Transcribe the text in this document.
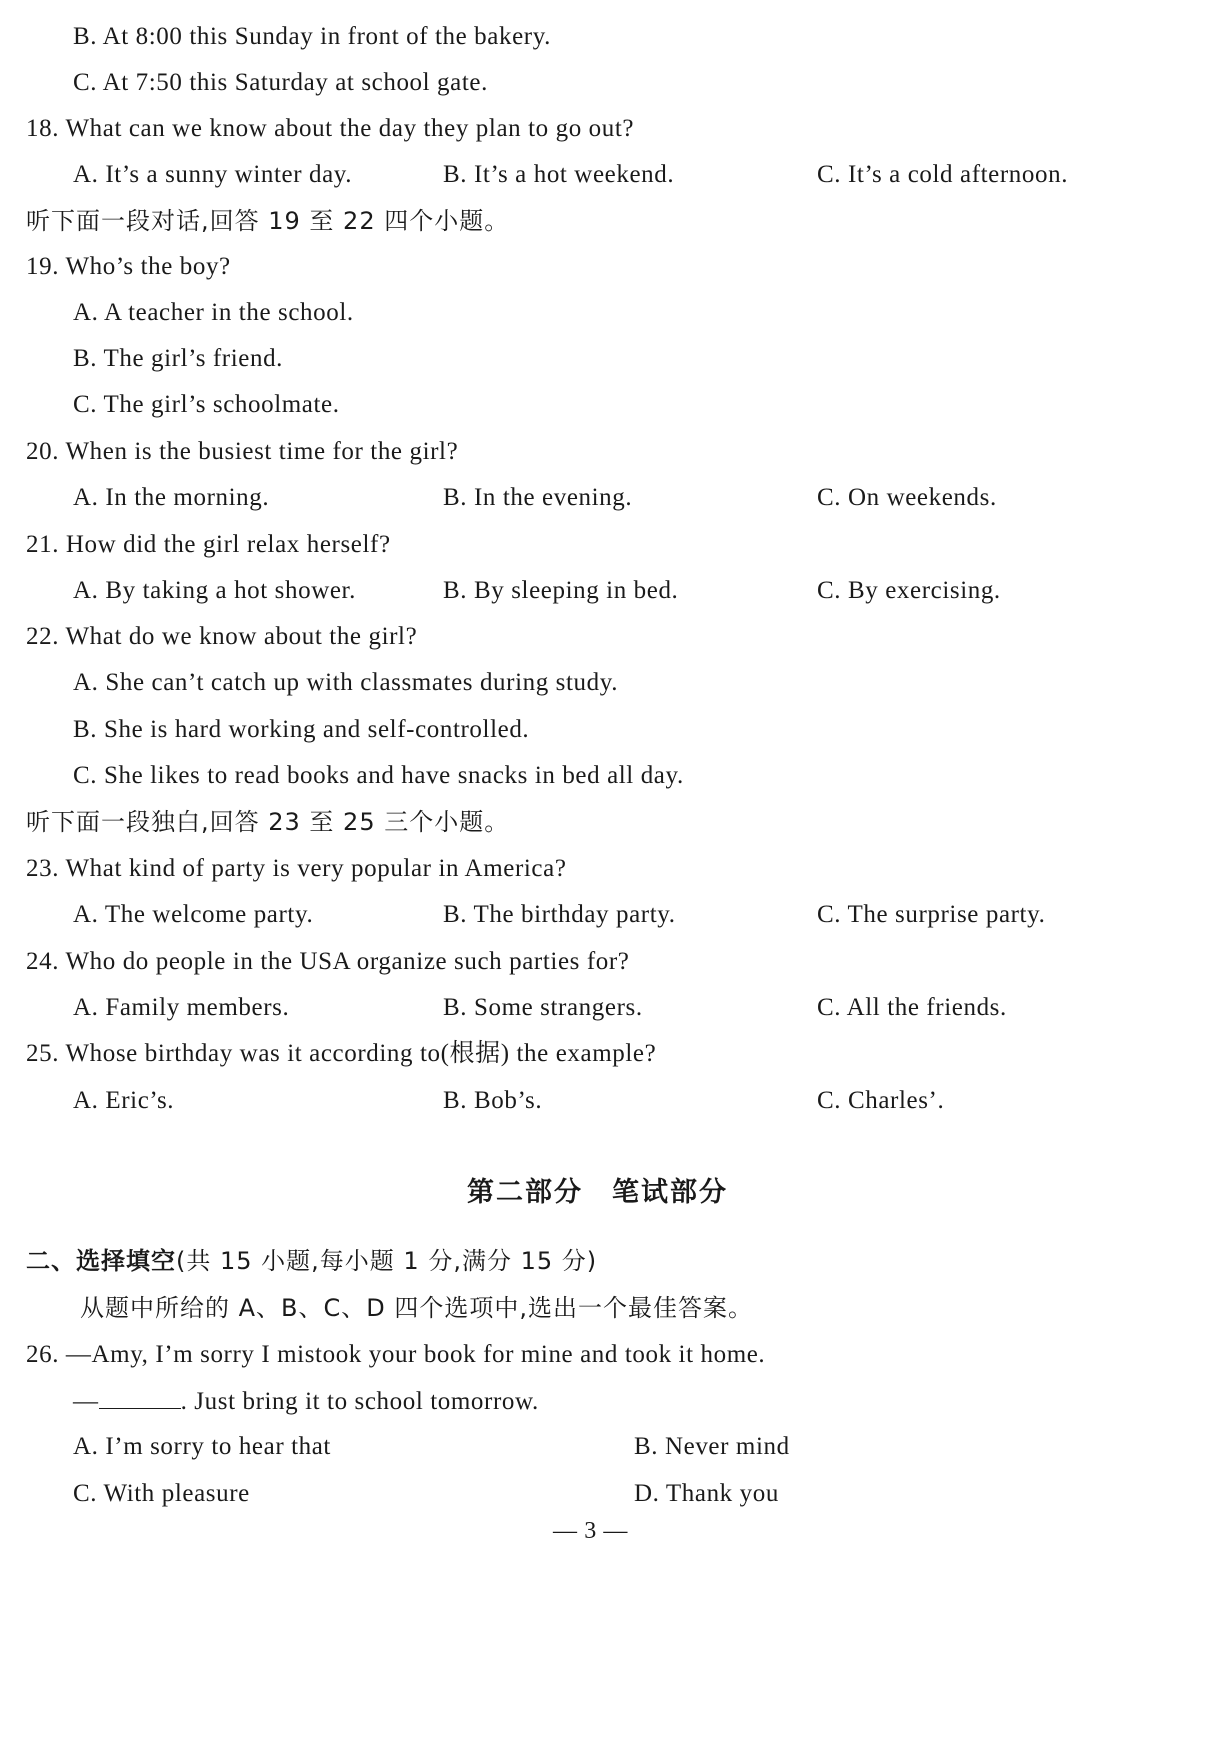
B. At 8:00 this Sunday in front of the bakery.
C. At 7:50 this Saturday at school gate.
18. What can we know about the day they plan to go out?
A. It’s a sunny winter day.	B. It’s a hot weekend.	C. It’s a cold afternoon.
听下面一段对话,回答 19 至 22 四个小题。
19. Who’s the boy?
A. A teacher in the school.
B. The girl’s friend.
C. The girl’s schoolmate.
20. When is the busiest time for the girl?
A. In the morning.	B. In the evening.	C. On weekends.
21. How did the girl relax herself?
A. By taking a hot shower.	B. By sleeping in bed.	C. By exercising.
22. What do we know about the girl?
A. She can’t catch up with classmates during study.
B. She is hard working and self-controlled.
C. She likes to read books and have snacks in bed all day.
听下面一段独白,回答 23 至 25 三个小题。
23. What kind of party is very popular in America?
A. The welcome party.	B. The birthday party.	C. The surprise party.
24. Who do people in the USA organize such parties for?
A. Family members.	B. Some strangers.	C. All the friends.
25. Whose birthday was it according to(根据) the example?
A. Eric’s.	B. Bob’s.	C. Charles’.
第二部分　笔试部分
二、选择填空(共 15 小题,每小题 1 分,满分 15 分)
从题中所给的 A、B、C、D 四个选项中,选出一个最佳答案。
26. —Amy, I’m sorry I mistook your book for mine and took it home.
—	. Just bring it to school tomorrow.
A. I’m sorry to hear that	B. Never mind
C. With pleasure	D. Thank you
— 3 —
